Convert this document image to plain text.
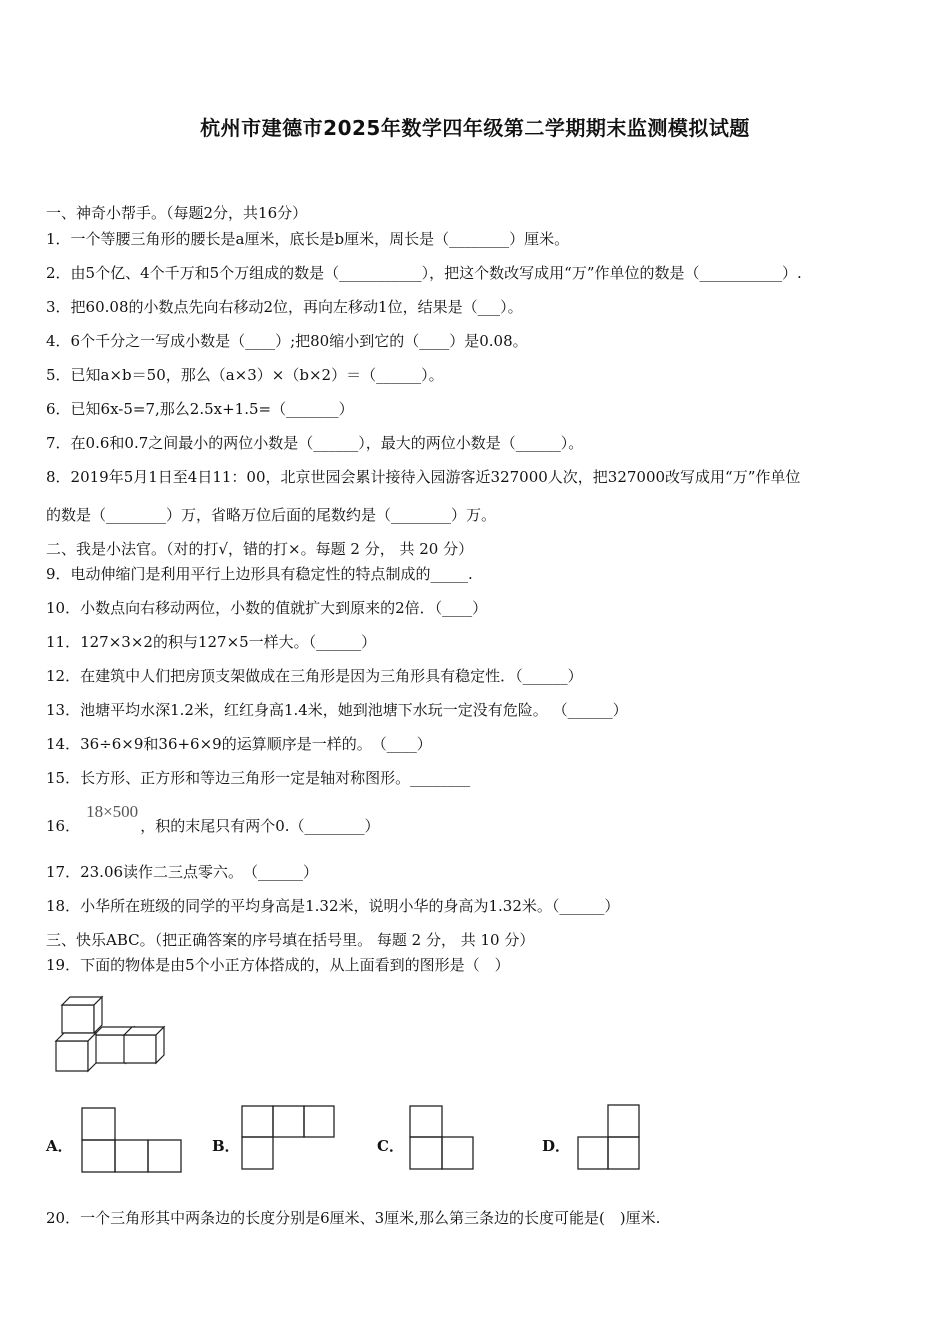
杭州市建德市2025年数学四年级第二学期期末监测模拟试题
一、神奇小帮手。（每题2分，共16分）
1．一个等腰三角形的腰长是a厘米，底长是b厘米，周长是（________）厘米。
2．由5个亿、4个千万和5个万组成的数是（___________），把这个数改写成用“万”作单位的数是（___________）.
3．把60.08的小数点先向右移动2位，再向左移动1位，结果是（___）。
4．6个千分之一写成小数是（____）;把80缩小到它的（____）是0.08。
5．已知a×b＝50，那么（a×3）×（b×2）＝（______）。
6．已知6x-5=7,那么2.5x+1.5=（_______）
7．在0.6和0.7之间最小的两位小数是（______），最大的两位小数是（______）。
8．2019年5月1日至4日11：00，北京世园会累计接待入园游客近327000人次，把327000改写成用“万”作单位
的数是（________）万，省略万位后面的尾数约是（________）万。
二、我是小法官。（对的打√，错的打×。每题 2 分， 共 20 分）
9．电动伸缩门是利用平行上边形具有稳定性的特点制成的_____.
10．小数点向右移动两位，小数的值就扩大到原来的2倍．（____）
11．127×3×2的积与127×5一样大。（______）
12．在建筑中人们把房顶支架做成在三角形是因为三角形具有稳定性．（______）
13．池塘平均水深1.2米，红红身高1.4米，她到池塘下水玩一定没有危险。 （______）
14．36÷6×9和36+6×9的运算顺序是一样的。　（____）
15．长方形、正方形和等边三角形一定是轴对称图形。________
16．18×500，积的末尾只有两个0.（________）
17．23.06读作二三点零六。　（______）
18．小华所在班级的同学的平均身高是1.32米，说明小华的身高为1.32米。（______）
三、快乐ABC。（把正确答案的序号填在括号里。 每题 2 分， 共 10 分）
19．下面的物体是由5个小正方体搭成的，从上面看到的图形是（　）
A．	B．	C．	D．
20．一个三角形其中两条边的长度分别是6厘米、3厘米,那么第三条边的长度可能是(　)厘米.
